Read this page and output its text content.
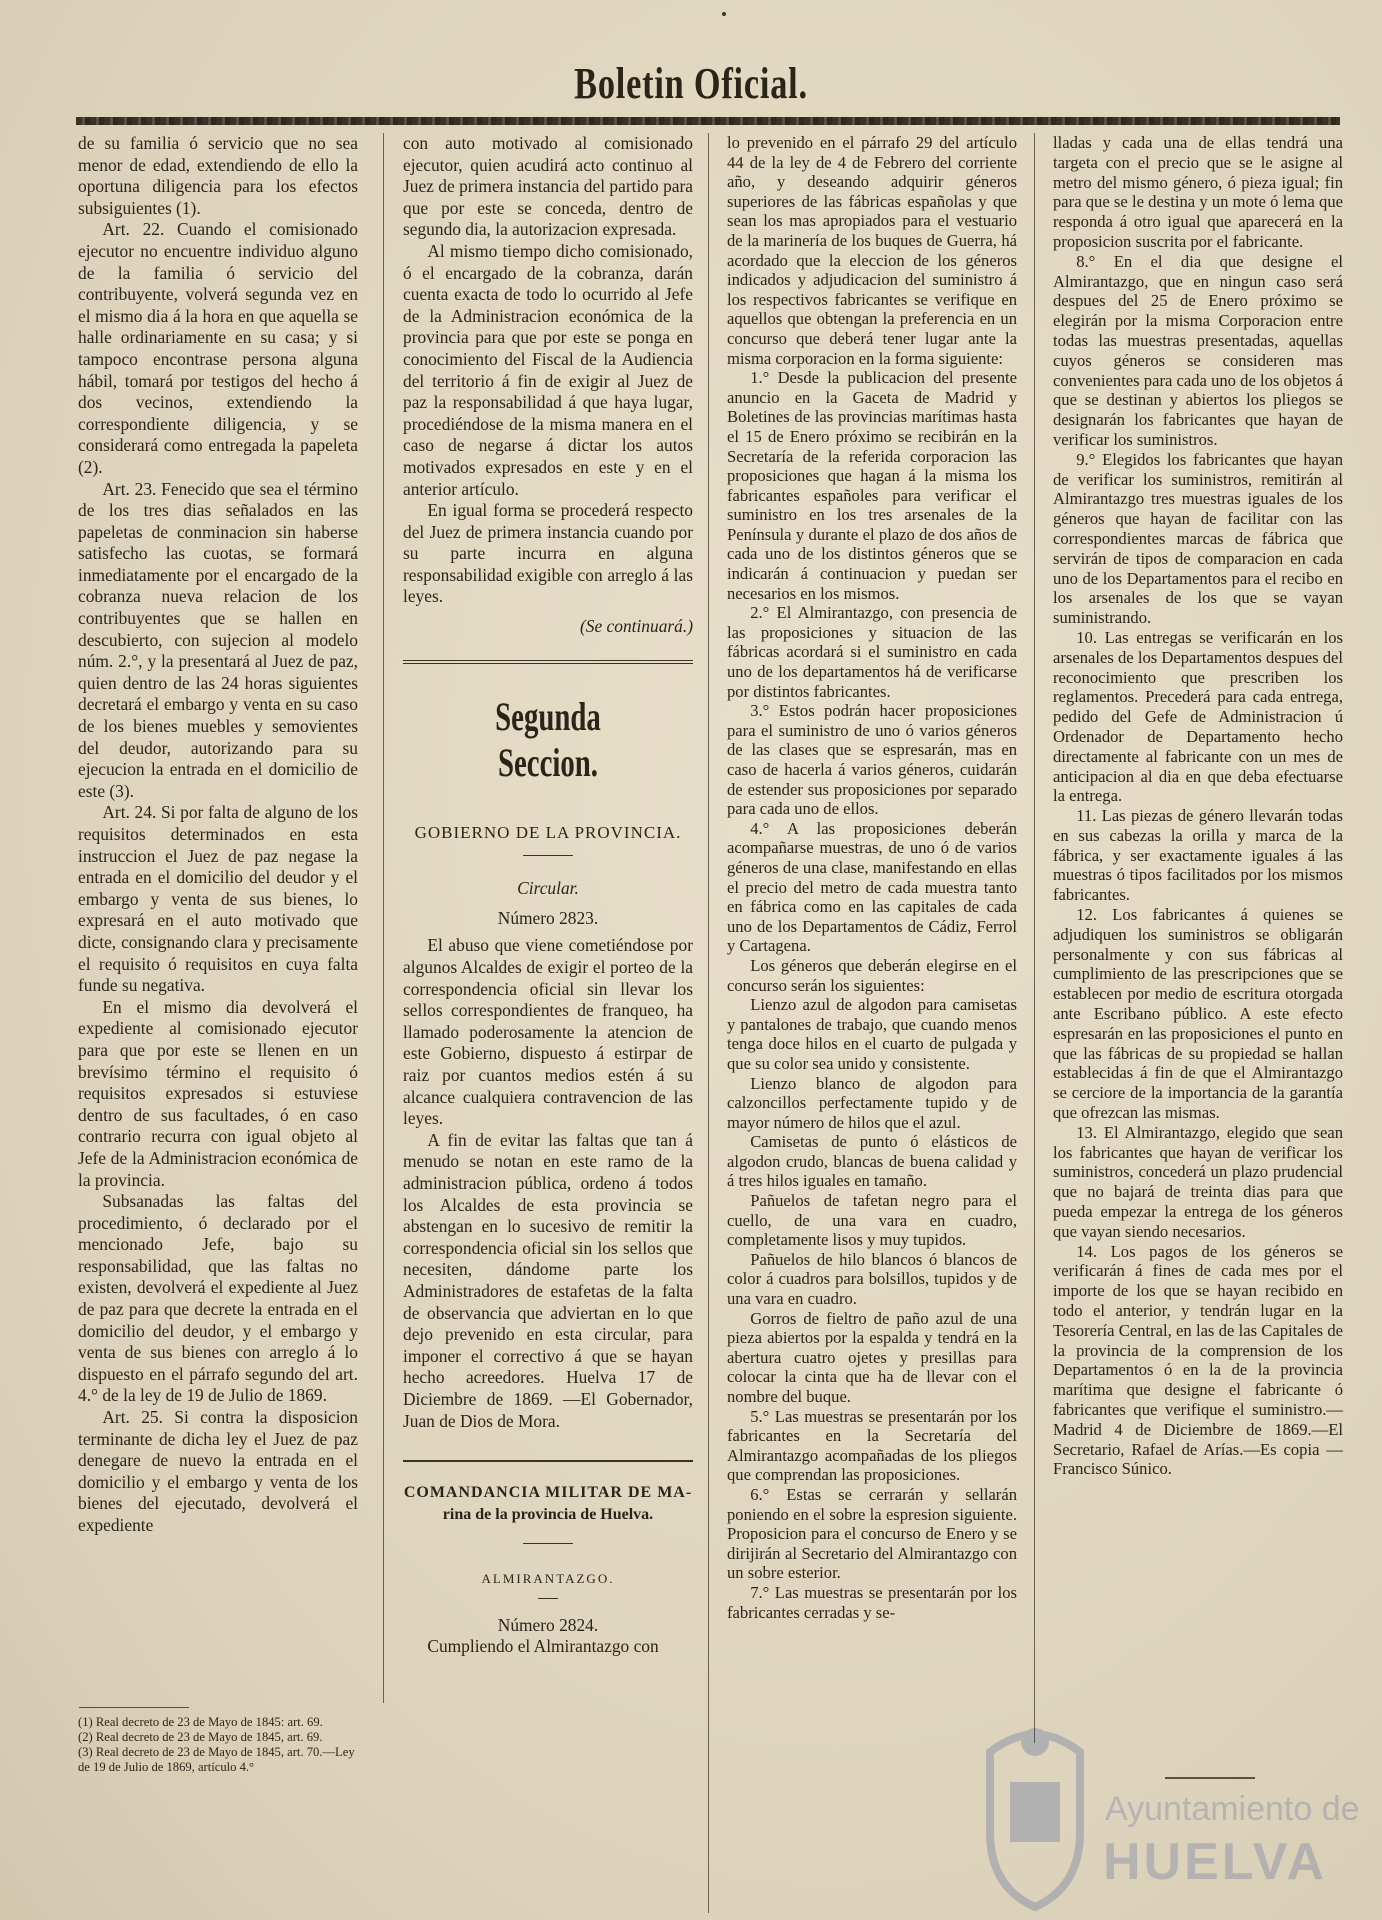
Boletin Oficial.

de su familia ó servicio que no sea menor de edad, extendiendo de ello la oportuna diligencia para los efectos subsiguientes (1).

Art. 22. Cuando el comisionado ejecutor no encuentre individuo alguno de la familia ó servicio del contribuyente, volverá segunda vez en el mismo dia á la hora en que aquella se halle ordinariamente en su casa; y si tampoco encontrase persona alguna hábil, tomará por testigos del hecho á dos vecinos, extendiendo la correspondiente diligencia, y se considerará como entregada la papeleta (2).

Art. 23. Fenecido que sea el término de los tres dias señalados en las papeletas de conminacion sin haberse satisfecho las cuotas, se formará inmediatamente por el encargado de la cobranza nueva relacion de los contribuyentes que se hallen en descubierto, con sujecion al modelo núm. 2.°, y la presentará al Juez de paz, quien dentro de las 24 horas siguientes decretará el embargo y venta en su caso de los bienes muebles y semovientes del deudor, autorizando para su ejecucion la entrada en el domicilio de este (3).

Art. 24. Si por falta de alguno de los requisitos determinados en esta instruccion el Juez de paz negase la entrada en el domicilio del deudor y el embargo y venta de sus bienes, lo expresará en el auto motivado que dicte, consignando clara y precisamente el requisito ó requisitos en cuya falta funde su negativa.

En el mismo dia devolverá el expediente al comisionado ejecutor para que por este se llenen en un brevísimo término el requisito ó requisitos expresados si estuviese dentro de sus facultades, ó en caso contrario recurra con igual objeto al Jefe de la Administracion económica de la provincia.

Subsanadas las faltas del procedimiento, ó declarado por el mencionado Jefe, bajo su responsabilidad, que las faltas no existen, devolverá el expediente al Juez de paz para que decrete la entrada en el domicilio del deudor, y el embargo y venta de sus bienes con arreglo á lo dispuesto en el párrafo segundo del art. 4.° de la ley de 19 de Julio de 1869.

Art. 25. Si contra la disposicion terminante de dicha ley el Juez de paz denegare de nuevo la entrada en el domicilio y el embargo y venta de los bienes del ejecutado, devolverá el expediente

(1) Real decreto de 23 de Mayo de 1845: art. 69.
(2) Real decreto de 23 de Mayo de 1845, art. 69.
(3) Real decreto de 23 de Mayo de 1845, art. 70.—Ley de 19 de Julio de 1869, artículo 4.°

con auto motivado al comisionado ejecutor, quien acudirá acto continuo al Juez de primera instancia del partido para que por este se conceda, dentro de segundo dia, la autorizacion expresada.

Al mismo tiempo dicho comisionado, ó el encargado de la cobranza, darán cuenta exacta de todo lo ocurrido al Jefe de la Administracion económica de la provincia para que por este se ponga en conocimiento del Fiscal de la Audiencia del territorio á fin de exigir al Juez de paz la responsabilidad á que haya lugar, procediéndose de la misma manera en el caso de negarse á dictar los autos motivados expresados en este y en el anterior artículo.

En igual forma se procederá respecto del Juez de primera instancia cuando por su parte incurra en alguna responsabilidad exigible con arreglo á las leyes.

(Se continuará.)

Segunda Seccion.
GOBIERNO DE LA PROVINCIA.
Circular.
Número 2823.

El abuso que viene cometiéndose por algunos Alcaldes de exigir el porteo de la correspondencia oficial sin llevar los sellos correspondientes de franqueo, ha llamado poderosamente la atencion de este Gobierno, dispuesto á estirpar de raiz por cuantos medios estén á su alcance cualquiera contravencion de las leyes.

A fin de evitar las faltas que tan á menudo se notan en este ramo de la administracion pública, ordeno á todos los Alcaldes de esta provincia se abstengan en lo sucesivo de remitir la correspondencia oficial sin los sellos que necesiten, dándome parte los Administradores de estafetas de la falta de observancia que adviertan en lo que dejo prevenido en esta circular, para imponer el correctivo á que se hayan hecho acreedores. Huelva 17 de Diciembre de 1869. —El Gobernador, Juan de Dios de Mora.

COMANDANCIA MILITAR DE MA-
rina de la provincia de Huelva.
ALMIRANTAZGO.
Número 2824.

Cumpliendo el Almirantazgo con

lo prevenido en el párrafo 29 del artículo 44 de la ley de 4 de Febrero del corriente año, y deseando adquirir géneros superiores de las fábricas españolas y que sean los mas apropiados para el vestuario de la marinería de los buques de Guerra, há acordado que la eleccion de los géneros indicados y adjudicacion del suministro á los respectivos fabricantes se verifique en aquellos que obtengan la preferencia en un concurso que deberá tener lugar ante la misma corporacion en la forma siguiente:

1.° Desde la publicacion del presente anuncio en la Gaceta de Madrid y Boletines de las provincias marítimas hasta el 15 de Enero próximo se recibirán en la Secretaría de la referida corporacion las proposiciones que hagan á la misma los fabricantes españoles para verificar el suministro en los tres arsenales de la Península y durante el plazo de dos años de cada uno de los distintos géneros que se indicarán á continuacion y puedan ser necesarios en los mismos.

2.° El Almirantazgo, con presencia de las proposiciones y situacion de las fábricas acordará si el suministro en cada uno de los departamentos há de verificarse por distintos fabricantes.

3.° Estos podrán hacer proposiciones para el suministro de uno ó varios géneros de las clases que se espresarán, mas en caso de hacerla á varios géneros, cuidarán de estender sus proposiciones por separado para cada uno de ellos.

4.° A las proposiciones deberán acompañarse muestras, de uno ó de varios géneros de una clase, manifestando en ellas el precio del metro de cada muestra tanto en fábrica como en las capitales de cada uno de los Departamentos de Cádiz, Ferrol y Cartagena.

Los géneros que deberán elegirse en el concurso serán los siguientes:

Lienzo azul de algodon para camisetas y pantalones de trabajo, que cuando menos tenga doce hilos en el cuarto de pulgada y que su color sea unido y consistente.

Lienzo blanco de algodon para calzoncillos perfectamente tupido y de mayor número de hilos que el azul.

Camisetas de punto ó elásticos de algodon crudo, blancas de buena calidad y á tres hilos iguales en tamaño.

Pañuelos de tafetan negro para el cuello, de una vara en cuadro, completamente lisos y muy tupidos.

Pañuelos de hilo blancos ó blancos de color á cuadros para bolsillos, tupidos y de una vara en cuadro.

Gorros de fieltro de paño azul de una pieza abiertos por la espalda y tendrá en la abertura cuatro ojetes y presillas para colocar la cinta que ha de llevar con el nombre del buque.

5.° Las muestras se presentarán por los fabricantes en la Secretaría del Almirantazgo acompañadas de los pliegos que comprendan las proposiciones.

6.° Estas se cerrarán y sellarán poniendo en el sobre la espresion siguiente. Proposicion para el concurso de Enero y se dirijirán al Secretario del Almirantazgo con un sobre esterior.

7.° Las muestras se presentarán por los fabricantes cerradas y se-

lladas y cada una de ellas tendrá una targeta con el precio que se le asigne al metro del mismo género, ó pieza igual; fin para que se le destina y un mote ó lema que responda á otro igual que aparecerá en la proposicion suscrita por el fabricante.

8.° En el dia que designe el Almirantazgo, que en ningun caso será despues del 25 de Enero próximo se elegirán por la misma Corporacion entre todas las muestras presentadas, aquellas cuyos géneros se consideren mas convenientes para cada uno de los objetos á que se destinan y abiertos los pliegos se designarán los fabricantes que hayan de verificar los suministros.

9.° Elegidos los fabricantes que hayan de verificar los suministros, remitirán al Almirantazgo tres muestras iguales de los géneros que hayan de facilitar con las correspondientes marcas de fábrica que servirán de tipos de comparacion en cada uno de los Departamentos para el recibo en los arsenales de los que se vayan suministrando.

10. Las entregas se verificarán en los arsenales de los Departamentos despues del reconocimiento que prescriben los reglamentos. Precederá para cada entrega, pedido del Gefe de Administracion ú Ordenador de Departamento hecho directamente al fabricante con un mes de anticipacion al dia en que deba efectuarse la entrega.

11. Las piezas de género llevarán todas en sus cabezas la orilla y marca de la fábrica, y ser exactamente iguales á las muestras ó tipos facilitados por los mismos fabricantes.

12. Los fabricantes á quienes se adjudiquen los suministros se obligarán personalmente y con sus fábricas al cumplimiento de las prescripciones que se establecen por medio de escritura otorgada ante Escribano público. A este efecto espresarán en las proposiciones el punto en que las fábricas de su propiedad se hallan establecidas á fin de que el Almirantazgo se cerciore de la importancia de la garantía que ofrezcan las mismas.

13. El Almirantazgo, elegido que sean los fabricantes que hayan de verificar los suministros, concederá un plazo prudencial que no bajará de treinta dias para que pueda empezar la entrega de los géneros que vayan siendo necesarios.

14. Los pagos de los géneros se verificarán á fines de cada mes por el importe de los que se hayan recibido en todo el anterior, y tendrán lugar en la Tesorería Central, en las de las Capitales de la provincia de la comprension de los Departamentos ó en la de la provincia marítima que designe el fabricante ó fabricantes que verifique el suministro.—Madrid 4 de Diciembre de 1869.—El Secretario, Rafael de Arías.—Es copia —Francisco Súnico.

Ayuntamiento de
HUELVA
